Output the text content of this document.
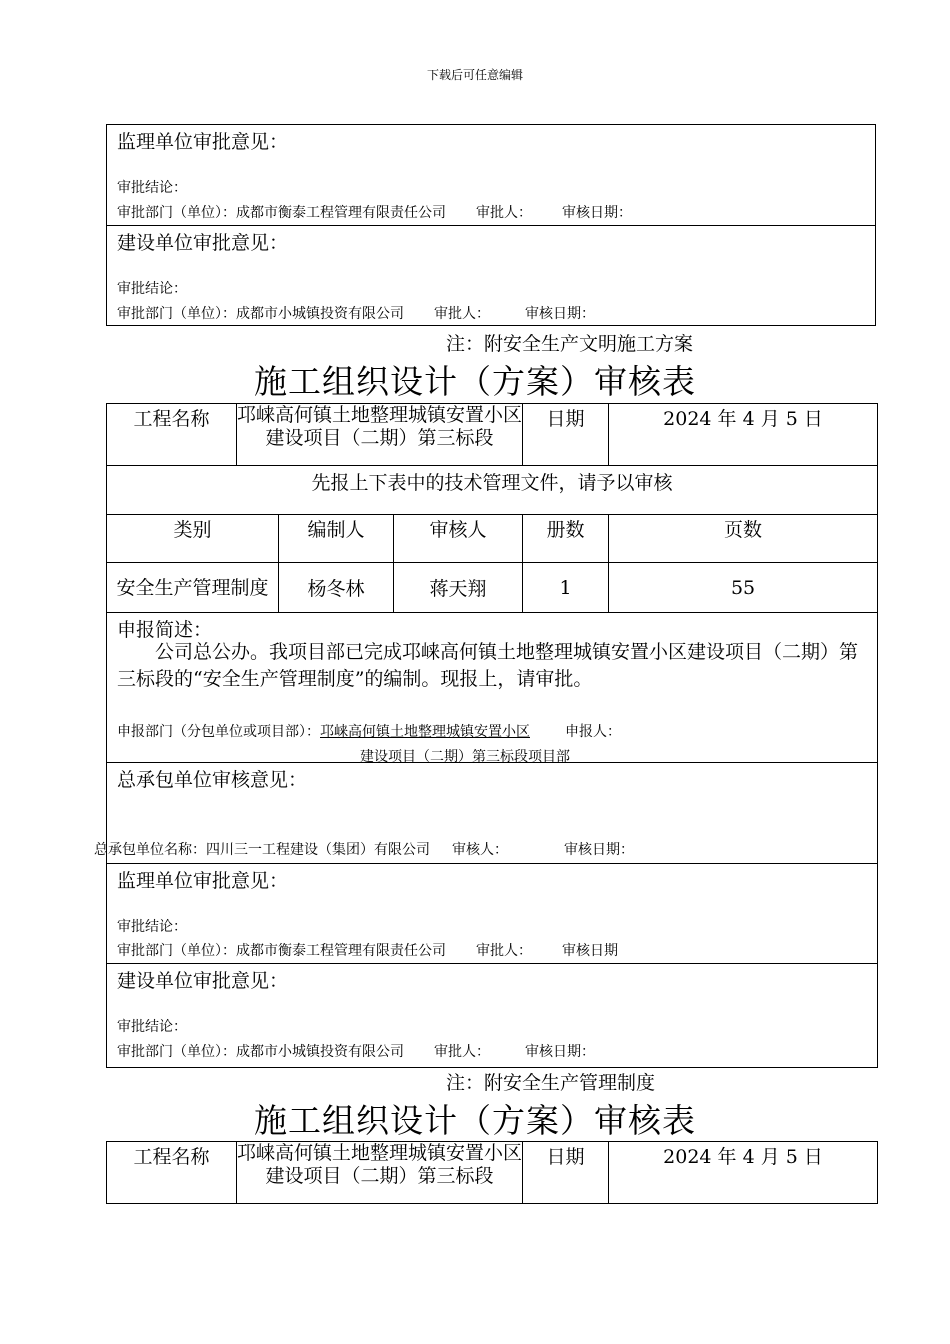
下载后可任意编辑
监理单位审批意见：
审批结论：
审批部门（单位）：成都市衡泰工程管理有限责任公司 审批人： 审核日期：
建设单位审批意见：
审批结论：
审批部门（单位）：成都市小城镇投资有限公司 审批人：	审核日期：
注：附安全生产文明施工方案
施工组织设计（方案）审核表
工程名称	邛崃高何镇土地整理城镇安置小区建设项目（二期）第三标段			日期	2024 年 4 月 5 日
先报上下表中的技术管理文件，请予以审核					
类别		编制人	审核人	册数	页数
安全生产管理制度		杨冬林	蒋天翔	1	55

申报简述：
公司总公办。我项目部已完成邛崃高何镇土地整理城镇安置小区建设项目（二期）第三标段的“安全生产管理制度”的编制。现报上，请审批。
申报部门（分包单位或项目部）：邛崃高何镇土地整理城镇安置小区 申报人：
建设项目（二期）第三标段项目部					

总承包单位审核意见：
总承包单位名称：四川三一工程建设（集团）有限公司 审核人： 审核日期：					

监理单位审批意见：
审批结论：
审批部门（单位）：成都市衡泰工程管理有限责任公司 审批人： 审核日期					

建设单位审批意见：
审批结论：
审批部门（单位）：成都市小城镇投资有限公司 审批人： 审核日期：					
注：附安全生产管理制度
施工组织设计（方案）审核表
工程名称	邛崃高何镇土地整理城镇安置小区建设项目（二期）第三标段	日期	2024 年 4 月 5 日
